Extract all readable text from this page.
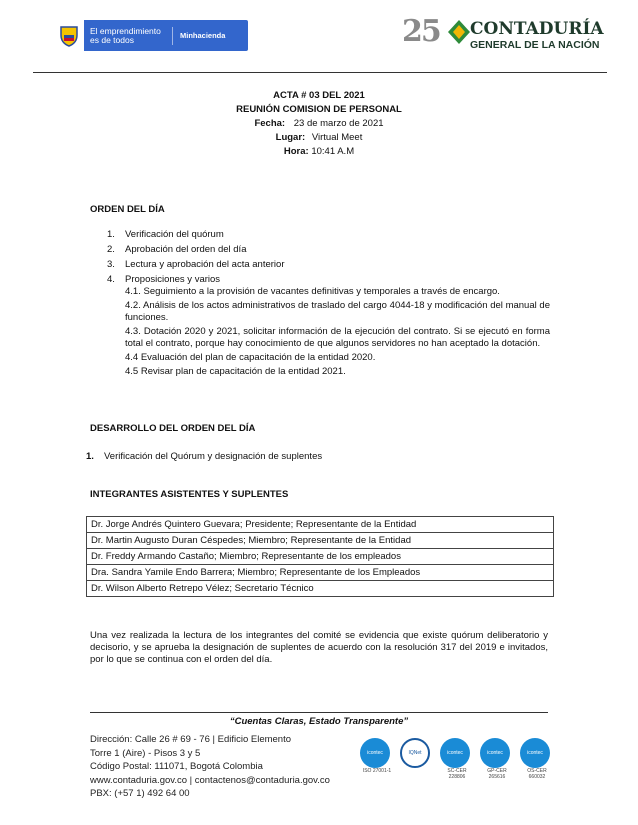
El emprendimiento es de todos	Minhacienda	25 CONTADURÍA
GENERAL DE LA NACIÓN
ACTA # 03 DEL 2021
REUNIÓN COMISION DE PERSONAL
Fecha: 23 de marzo de 2021
Lugar: Virtual Meet
Hora: 10:41 A.M
ORDEN DEL DÍA
1.	Verificación del quórum
2.	Aprobación del orden del día
3.	Lectura y aprobación del acta anterior
4.	Proposiciones y varios
4.1. Seguimiento a la provisión de vacantes definitivas y temporales a través de encargo.
4.2. Análisis de los actos administrativos de traslado del cargo 4044-18 y modificación del manual de funciones.
4.3. Dotación 2020 y 2021, solicitar información de la ejecución del contrato. Si se ejecutó en forma total el contrato, porque hay conocimiento de que algunos servidores no han aceptado la dotación.
4.4 Evaluación del plan de capacitación de la entidad 2020.
4.5 Revisar plan de capacitación de la entidad 2021.
DESARROLLO DEL ORDEN DEL DÍA
1.	Verificación del Quórum y designación de suplentes
INTEGRANTES ASISTENTES Y SUPLENTES
Dr. Jorge Andrés Quintero Guevara; Presidente; Representante de la Entidad
Dr. Martin Augusto Duran Céspedes; Miembro; Representante de la Entidad
Dr. Freddy Armando Castaño; Miembro; Representante de los empleados
Dra. Sandra Yamile Endo Barrera; Miembro; Representante de los Empleados
Dr. Wilson Alberto Retrepo Vélez; Secretario Técnico
Una vez realizada la lectura de los integrantes del comité se evidencia que existe quórum deliberatorio y decisorio, y se aprueba la designación de suplentes de acuerdo con la resolución 317 del 2019 e invitados, por lo que se continua con el orden del día.
“Cuentas Claras, Estado Transparente”
Dirección: Calle 26 # 69 - 76 | Edificio Elemento
Torre 1 (Aire) - Pisos 3 y 5
Código Postal: 111071, Bogotá Colombia
www.contaduria.gov.co | contactenos@contaduria.gov.co
PBX: (+57 1) 492 64 00
icontec
ISO 27001-1
IQNet	icontec
SC-CER 228806
icontec
GP-CER 265616
icontec
OS-CER 660032
